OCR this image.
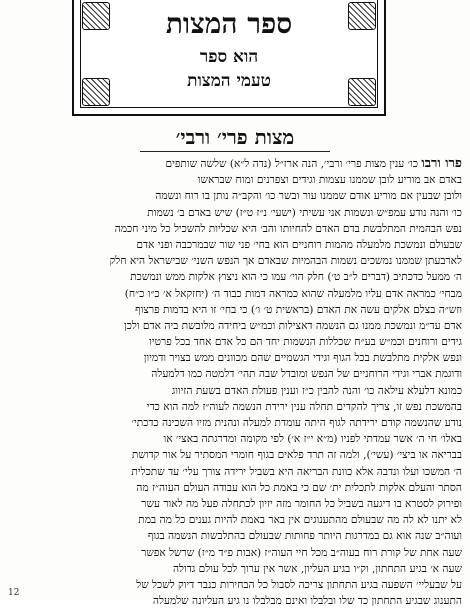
ספר המצות
הוא ספר
טעמי המצות
מצות פרי׳ ורבי׳
פרו ורבו כו׳ ענין מצות פרי׳ ורבי׳, הנה ארז״ל (נדה ל״א) שלשה שותפים
באדם אב מוריע לובן שממנו עצמות וגידים וצפרנים ומוח שבראשו
ולובן שבעין אם מוריע אודם שממנו עור ובשר כו׳ והקב״ה נותן בו רוח ונשמה
כו׳ והנה נודע עמפ״ש ונשמות אני עשיתי (ישעי׳ נ״ז ט״ז) שיש באדם ב׳ נשמות
נפש הבהמית המתלבשת בדם האדם להחיותו והב׳ היא שכליות להשכיל כל מיני חכמה
שבעולם ונמשכת מלמעלה מהמות רוחניים הוא בחי׳ פני שור שבמרכבה ופני אדם
לארבעתן שממנו נמשכים נשמות הבהמיות שבאדם אך הנפש השני׳ שבישראל היא חלק
ה׳ ממעל כדכתיב (דברים ל״ב ט׳) חלק הוי׳ עמו כי הוא ניצוץ אלקות ממש ונמשכת
מבחי׳ כמראה אדם עליו מלמעלה שהוא כמראה דמות כבוד ה׳ (יחזקאל א׳ כ״ו כ״ח)
וזש״ה בצלם אלקים עשה את האדם (בראשית ט׳ ו׳) כי בחי׳ זו היא בדמות פרצוף
אדם עד״מ ונמשכת ממנו גם הנשמה דאצילות וכמ״ש ביחידה מלובשת ביה אדם ולכן
גידים ורוחנים וכמ״ש בע״ח שכללות הנשמות יחד הם כל אדם אחד בכל פרטיו
ונפש אלקית מתלבשת בכל הגוף וגידי הגשמיים שהם מכוונים ממש בצויר ודמיון
ודוגמת אברי וגידי הרוחניים של הנפש ומובדל שבה תהי׳ דלמטה כמו דלמעלה
כמונא דלעלא עילאה כו׳ והנה להבין כ״ז וענין פעולת האדם בשעת הזיווג
בהמשכת נפש זו, צריך להקדים תחלה ענין ירידת הנשמה לעוה״ז למה הוא כדי
נודע שהנשמה קודם ירידתה לגוף היתה עומדת למעלה ונהנית מזיו השכינה כדכתי׳
באלו׳ חי ה׳ אשר עמדתי לפניו (מ״א י״ז א׳) לפי מקומה ומדרגתה באצי׳ או
בבריאה או ביצי׳ (עשי׳), ולמה זה תרד פלאים בגוף חומרי המסתיר על אור קדושת
ה׳ המשכו ועלו ונדבה אלא כוונת הבריאה היא בשביל ירידה צורך עלי׳ עד שתכלית
הסתר והעלם אלקות לתכלית ית׳ שם כי באמת כל הוא עבודה העולם העוה״ז מה
ופירוק לסטרא בו דיגעה בשביל כל החומר מזה יזיון לכתחלה פעל מה לאור עשר
לא יתנו לא לה מה שבעולם מהתענוגים אין באר באמת להיות גענים כל מה במת
ועוה״ב שנה אוא גם במדרגות היותר פחותות שבעולם בהתלבשות הנשמה בגוף
שעה אחת של קורת רוח בעוה״ב מכל חיי העוה״ז (אבות פ״ד מ״ז) שרשל אפשר
שעה א׳ בגיע התחתון, וק״ו בגיע העליון, אשר אין ערוך לכל עולם גדולה
על שבעליי׳ השפעה בגיע התחתון צריכה לסבול כל הבחירות כנבר דיוק לשכל של
התענוג שבגיע התחתון כד שלו ובלבלו ואינם מבלבלו נו גיע העליונה שלמעלה
12
